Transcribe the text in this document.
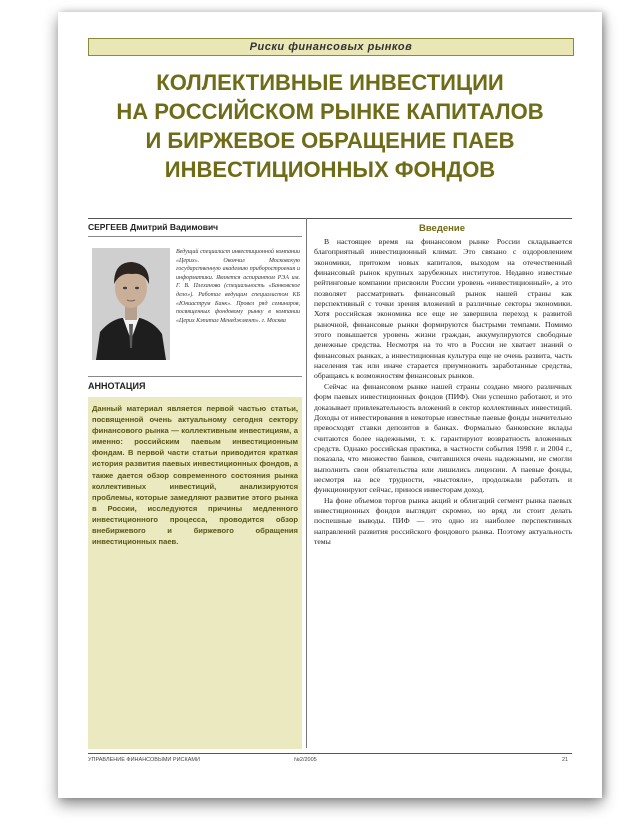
Риски финансовых рынков
КОЛЛЕКТИВНЫЕ ИНВЕСТИЦИИ
НА РОССИЙСКОМ РЫНКЕ КАПИТАЛОВ
И БИРЖЕВОЕ ОБРАЩЕНИЕ ПАЕВ
ИНВЕСТИЦИОННЫХ ФОНДОВ
СЕРГЕЕВ Дмитрий Вадимович

Ведущий специалист инвестиционной компании «Церих». Окончил Московскую государственную академию приборостроения и информатики. Является аспирантом РЭА им. Г. В. Плеханова (специальность «Банковское дело»). Работал ведущим специалистом КБ «Юниаструм Банк». Провел ряд семинаров, посвященных фондовому рынку в компании «Церих Кэпитал Менеджмент». г. Москва

АННОТАЦИЯ

Данный материал является первой частью статьи, посвященной очень актуальному сегодня сектору финансового рынка — коллективным инвестициям, а именно: российским паевым инвестиционным фондам. В первой части статьи приводится краткая история развития паевых инвестиционных фондов, а также дается обзор современного состояния рынка коллективных инвестиций, анализируются проблемы, которые замедляют развитие этого рынка в России, исследуются причины медленного инвестиционного процесса, проводится обзор внебиржевого и биржевого обращения инвестиционных паев.

Введение

В настоящее время на финансовом рынке России складывается благоприятный инвестиционный климат. Это связано с оздоровлением экономики, притоком новых капиталов, выходом на отечественный финансовый рынок крупных зарубежных институтов. Недавно известные рейтинговые компании присвоили России уровень «инвестиционный», а это позволяет рассматривать финансовый рынок нашей страны как перспективный с точки зрения вложений в различные секторы экономики. Хотя российская экономика все еще не завершила переход к развитой рыночной, финансовые рынки формируются быстрыми темпами. Помимо этого повышается уровень жизни граждан, аккумулируются свободные денежные средства. Несмотря на то что в России не хватает знаний о финансовых рынках, а инвестиционная культура еще не очень развита, часть населения так или иначе старается приумножить заработанные средства, обращаясь к возможностям финансовых рынков.

Сейчас на финансовом рынке нашей страны создано много различных форм паевых инвестиционных фондов (ПИФ). Они успешно работают, и это доказывает привлекательность вложений в сектор коллективных инвестиций. Доходы от инвестирования в некоторые известные паевые фонды значительно превосходят ставки депозитов в банках. Формально банковские вклады считаются более надежными, т. к. гарантируют возвратность вложенных средств. Однако российская практика, в частности события 1998 г. и 2004 г., показала, что множество банков, считавшихся очень надежными, не смогли выполнить свои обязательства или лишились лицензии. А паевые фонды, несмотря на все трудности, «выстояли», продолжали работать и функционируют сейчас, принося инвесторам доход.

На фоне объемов торгов рынка акций и облигаций сегмент рынка паевых инвестиционных фондов выглядит скромно, но вряд ли стоит делать поспешные выводы. ПИФ — это одно из наиболее перспективных направлений развития российского фондового рынка. Поэтому актуальность темы

УПРАВЛЕНИЕ ФИНАНСОВЫМИ РИСКАМИ	№2/2005	21
